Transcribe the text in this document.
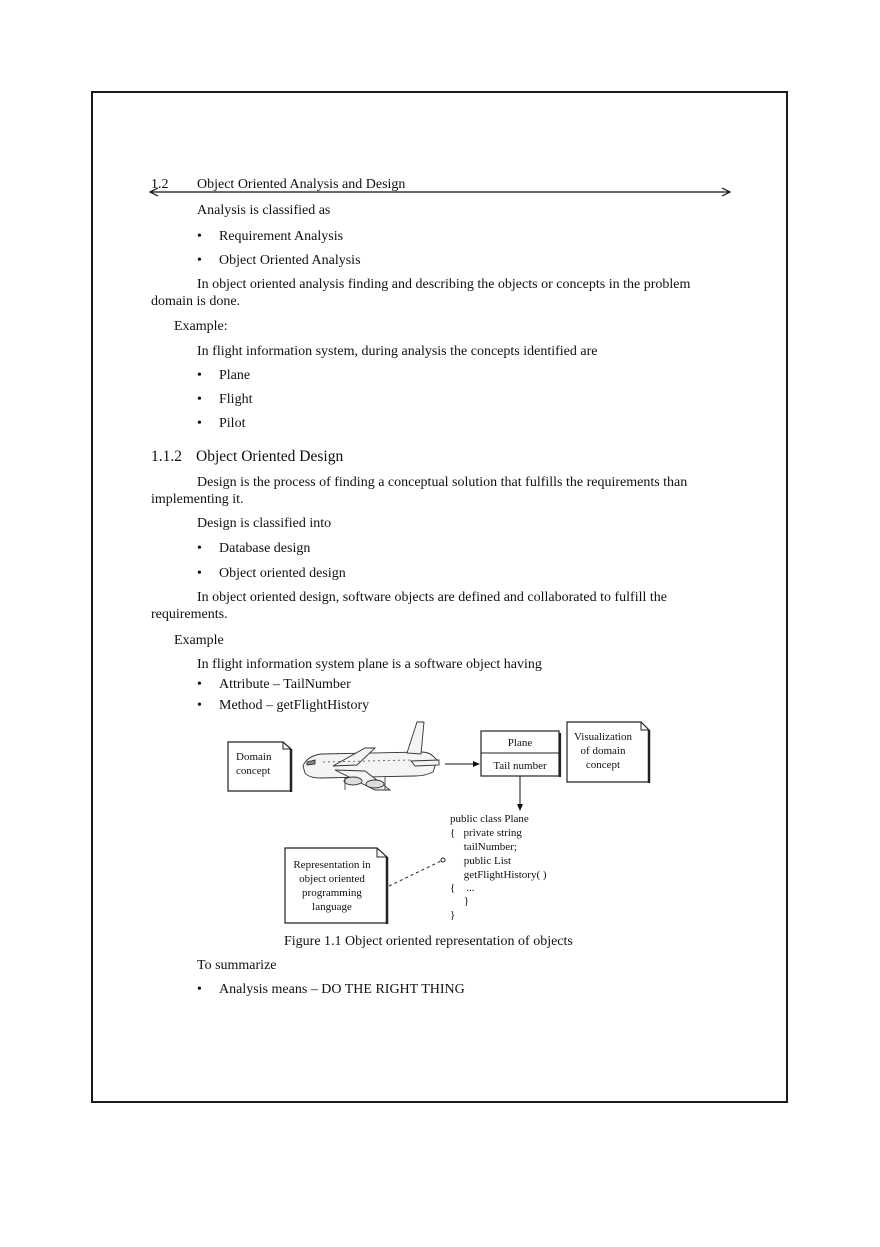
1.2 Object Oriented Analysis and Design
Analysis is classified as
• Requirement Analysis
• Object Oriented Analysis
In object oriented analysis finding and describing the objects or concepts in the problem
domain is done.
Example:
In flight information system, during analysis the concepts identified are
• Plane
• Flight
• Pilot
1.1.2 Object Oriented Design
Design is the process of finding a conceptual solution that fulfills the requirements than
implementing it.
Design is classified into
• Database design
• Object oriented design
In object oriented design, software objects are defined and collaborated to fulfill the
requirements.
Example
In flight information system plane is a software object having
• Attribute – TailNumber
• Method – getFlightHistory
Domain
concept
Plane
Tail number
Visualization
of domain
concept
public class Plane
{   private string
tailNumber;
public List
getFlightHistory( )
{    ...
}
}
Representation in
object oriented
programming
language
Figure 1.1 Object oriented representation of objects
To summarize
• Analysis means – DO THE RIGHT THING
